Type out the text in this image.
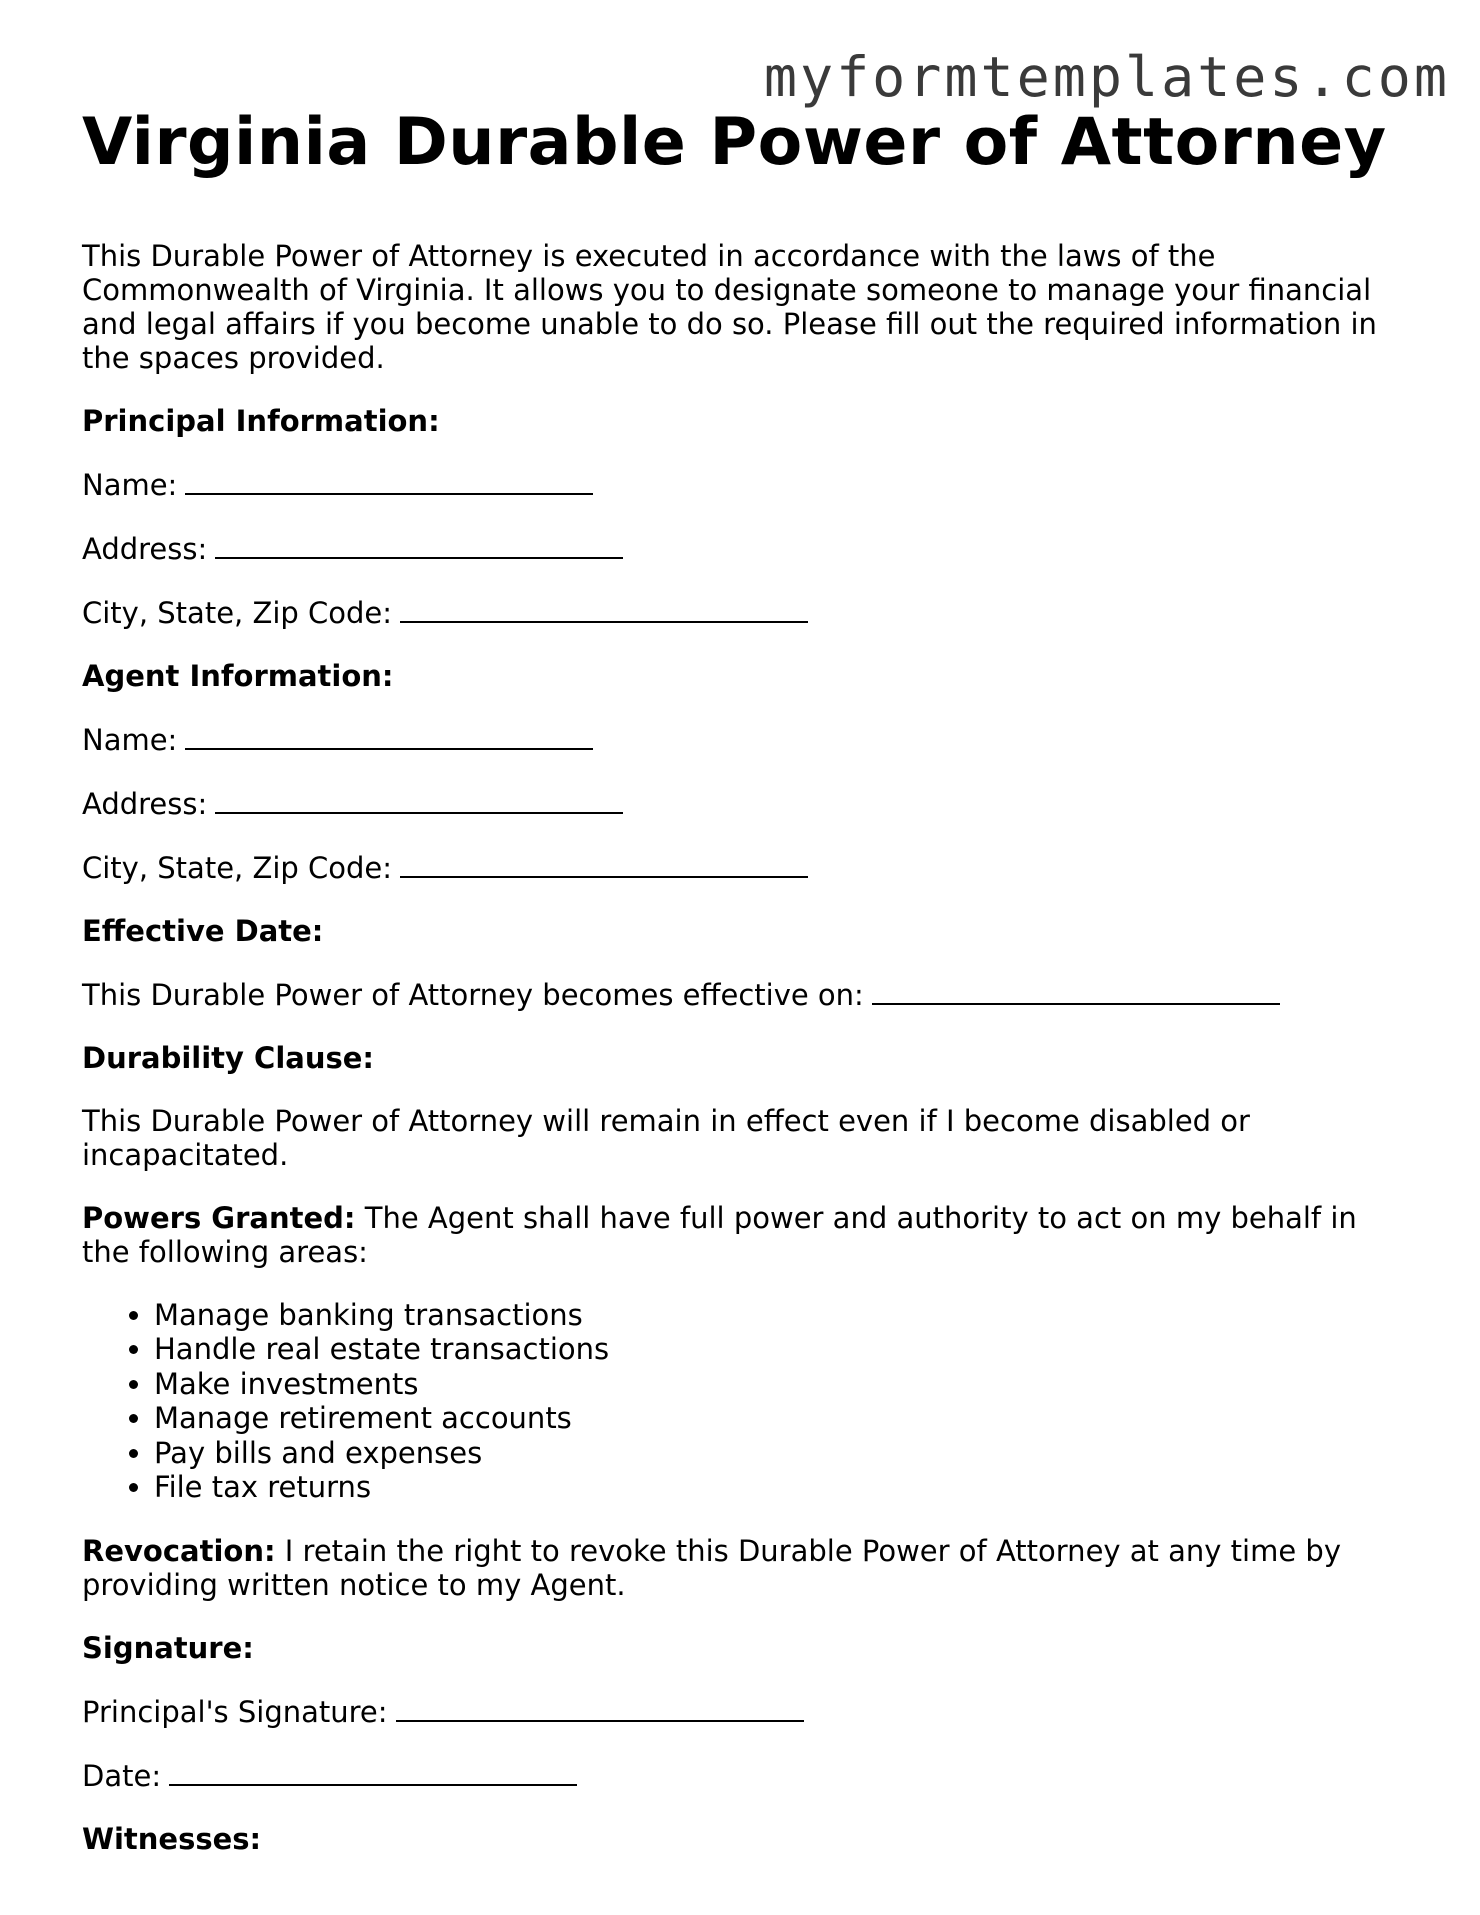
myformtemplates.com
Virginia Durable Power of Attorney

This Durable Power of Attorney is executed in accordance with the laws of the Commonwealth of Virginia. It allows you to designate someone to manage your financial and legal affairs if you become unable to do so. Please fill out the required information in the spaces provided.

Principal Information:

Name:

Address:

City, State, Zip Code:

Agent Information:

Name:

Address:

City, State, Zip Code:

Effective Date:

This Durable Power of Attorney becomes effective on:

Durability Clause:

This Durable Power of Attorney will remain in effect even if I become disabled or incapacitated.

Powers Granted: The Agent shall have full power and authority to act on my behalf in the following areas:

• Manage banking transactions
• Handle real estate transactions
• Make investments
• Manage retirement accounts
• Pay bills and expenses
• File tax returns

Revocation: I retain the right to revoke this Durable Power of Attorney at any time by providing written notice to my Agent.

Signature:

Principal's Signature:

Date:

Witnesses:
